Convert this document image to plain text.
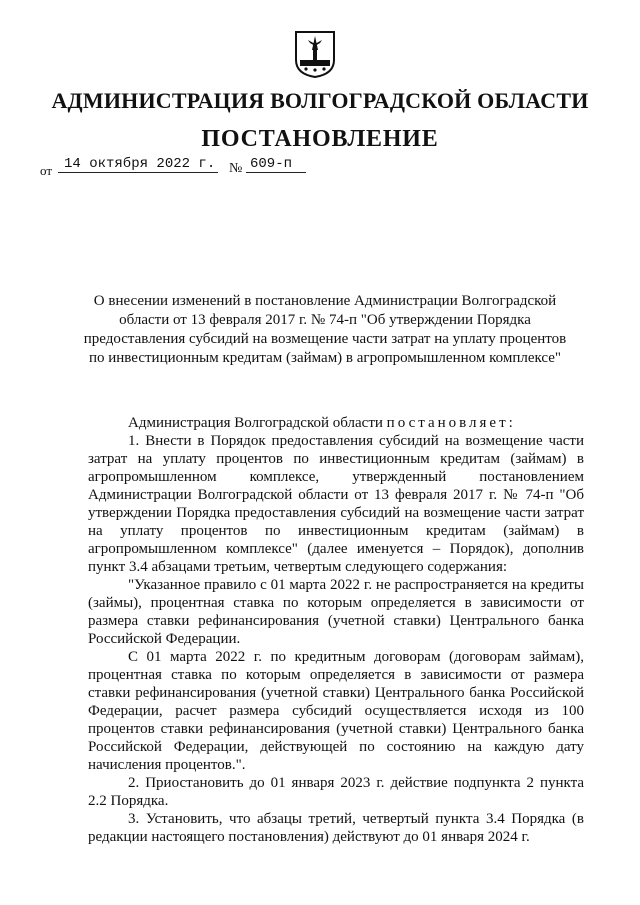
АДМИНИСТРАЦИЯ ВОЛГОГРАДСКОЙ ОБЛАСТИ
ПОСТАНОВЛЕНИЕ
от 14 октября 2022 г. № 609-п
О внесении изменений в постановление Администрации Волгоградской области от 13 февраля 2017 г. № 74-п "Об утверждении Порядка предоставления субсидий на возмещение части затрат на уплату процентов по инвестиционным кредитам (займам) в агропромышленном комплексе"

Администрация Волгоградской области постановляет:

1. Внести в Порядок предоставления субсидий на возмещение части затрат на уплату процентов по инвестиционным кредитам (займам) в агропромышленном комплексе, утвержденный постановлением Администрации Волгоградской области от 13 февраля 2017 г. № 74-п "Об утверждении Порядка предоставления субсидий на возмещение части затрат на уплату процентов по инвестиционным кредитам (займам) в агропромышленном комплексе" (далее именуется – Порядок), дополнив пункт 3.4 абзацами третьим, четвертым следующего содержания:

"Указанное правило с 01 марта 2022 г. не распространяется на кредиты (займы), процентная ставка по которым определяется в зависимости от размера ставки рефинансирования (учетной ставки) Центрального банка Российской Федерации.

С 01 марта 2022 г. по кредитным договорам (договорам займам), процентная ставка по которым определяется в зависимости от размера ставки рефинансирования (учетной ставки) Центрального банка Российской Федерации, расчет размера субсидий осуществляется исходя из 100 процентов ставки рефинансирования (учетной ставки) Центрального банка Российской Федерации, действующей по состоянию на каждую дату начисления процентов.".

2. Приостановить до 01 января 2023 г. действие подпункта 2 пункта 2.2 Порядка.

3. Установить, что абзацы третий, четвертый пункта 3.4 Порядка (в редакции настоящего постановления) действуют до 01 января 2024 г.
